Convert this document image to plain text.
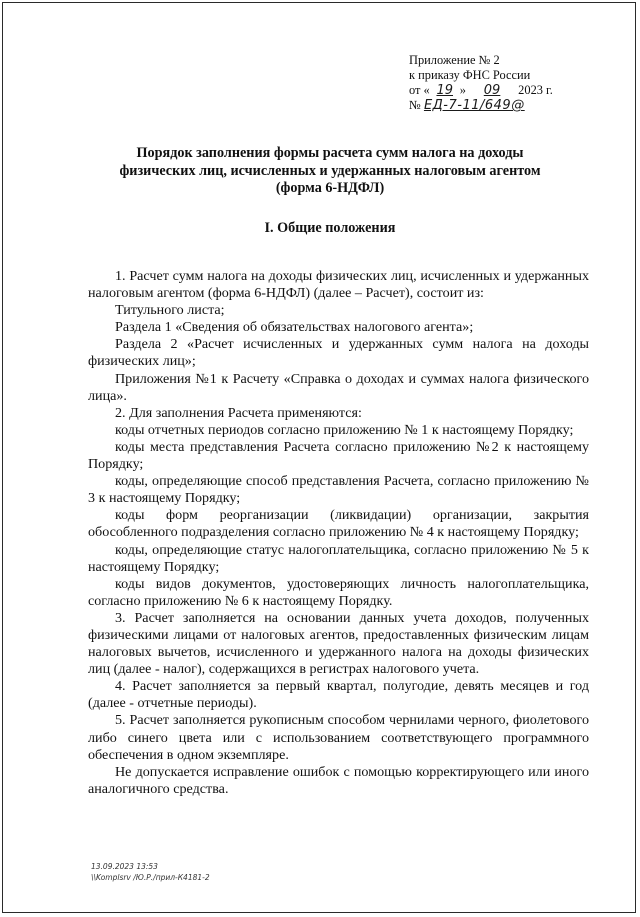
Приложение № 2
к приказу ФНС России
от « 19 » 09 2023 г.
№ ЕД-7-11/649@
Порядок заполнения формы расчета сумм налога на доходы
физических лиц, исчисленных и удержанных налоговым агентом
(форма 6-НДФЛ)
I. Общие положения

1. Расчет сумм налога на доходы физических лиц, исчисленных и удержанных налоговым агентом (форма 6-НДФЛ) (далее – Расчет), состоит из:

Титульного листа;

Раздела 1 «Сведения об обязательствах налогового агента»;

Раздела 2 «Расчет исчисленных и удержанных сумм налога на доходы физических лиц»;

Приложения №1 к Расчету «Справка о доходах и суммах налога физического лица».

2. Для заполнения Расчета применяются:

коды отчетных периодов согласно приложению № 1 к настоящему Порядку;

коды места представления Расчета согласно приложению №2 к настоящему Порядку;

коды, определяющие способ представления Расчета, согласно приложению № 3 к настоящему Порядку;

коды форм реорганизации (ликвидации) организации, закрытия обособленного подразделения согласно приложению № 4 к настоящему Порядку;

коды, определяющие статус налогоплательщика, согласно приложению № 5 к настоящему Порядку;

коды видов документов, удостоверяющих личность налогоплательщика, согласно приложению № 6 к настоящему Порядку.

3. Расчет заполняется на основании данных учета доходов, полученных физическими лицами от налоговых агентов, предоставленных физическим лицам налоговых вычетов, исчисленного и удержанного налога на доходы физических лиц (далее - налог), содержащихся в регистрах налогового учета.

4. Расчет заполняется за первый квартал, полугодие, девять месяцев и год (далее - отчетные периоды).

5. Расчет заполняется рукописным способом чернилами черного, фиолетового либо синего цвета или с использованием соответствующего программного обеспечения в одном экземпляре.

Не допускается исправление ошибок с помощью корректирующего или иного аналогичного средства.

13.09.2023 13:53
\\Komplsrv /Ю.Р./прил-К4181-2
